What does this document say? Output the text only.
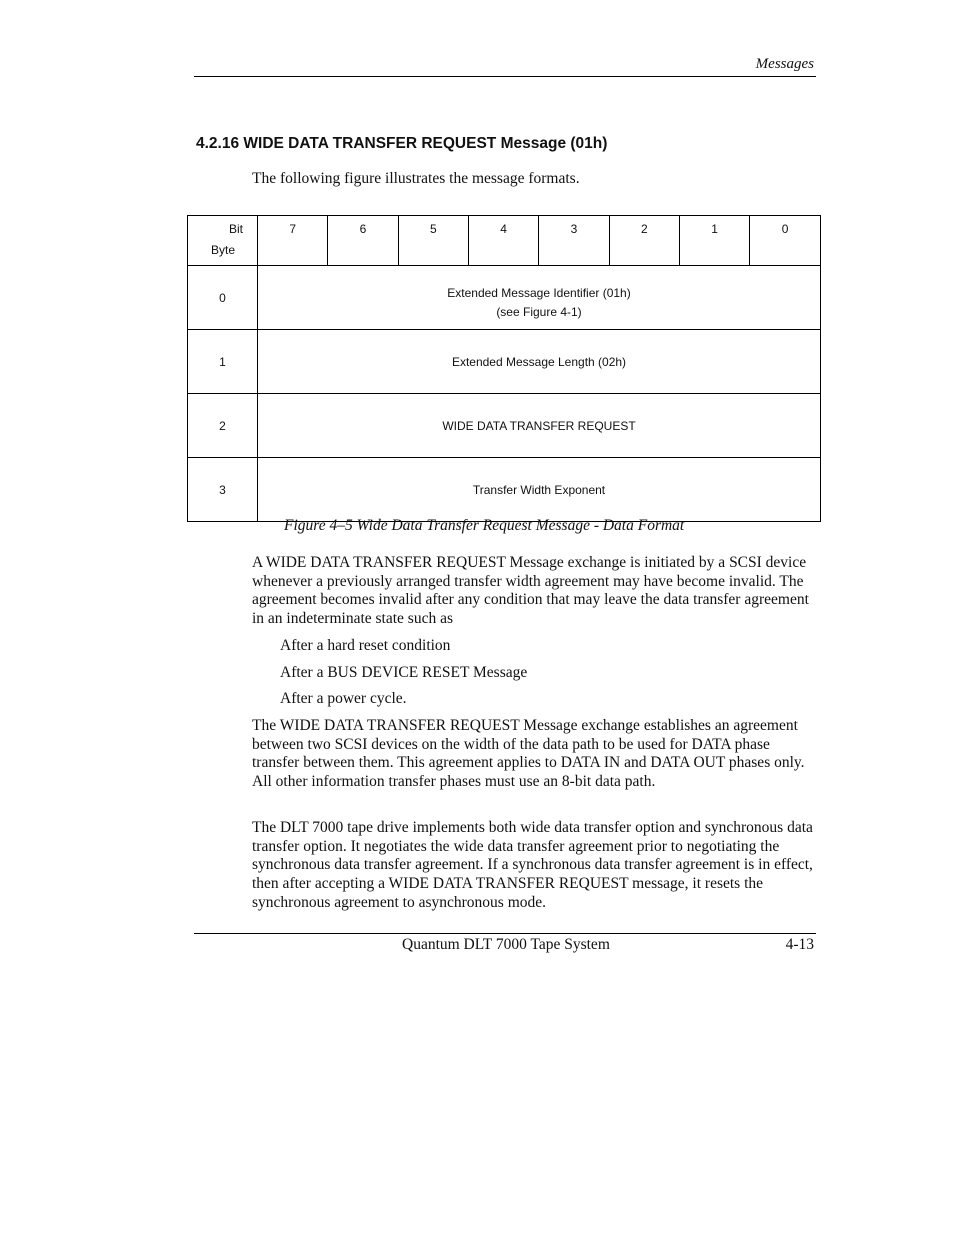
Messages
4.2.16 WIDE DATA TRANSFER REQUEST Message (01h)
The following figure illustrates the message formats.
Bit
Byte	7	6	5	4	3	2	1	0
0	Extended Message Identifier (01h)
(see Figure 4-1)							

1	Extended Message Length (02h)							
2	WIDE DATA TRANSFER REQUEST							
3	Transfer Width Exponent							
Figure 4–5 Wide Data Transfer Request Message - Data Format
A WIDE DATA TRANSFER REQUEST Message exchange is initiated by a SCSI device whenever a previously arranged transfer width agreement may have become invalid. The agreement becomes invalid after any condition that may leave the data transfer agreement in an indeterminate state such as
After a hard reset condition
After a BUS DEVICE RESET Message
After a power cycle.
The WIDE DATA TRANSFER REQUEST Message exchange establishes an agreement between two SCSI devices on the width of the data path to be used for DATA phase transfer between them. This agreement applies to DATA IN and DATA OUT phases only. All other information transfer phases must use an 8-bit data path.
The DLT 7000 tape drive implements both wide data transfer option and synchronous data transfer option. It negotiates the wide data transfer agreement prior to negotiating the synchronous data transfer agreement. If a synchronous data transfer agreement is in effect, then after accepting a WIDE DATA TRANSFER REQUEST message, it resets the synchronous agreement to asynchronous mode.
Quantum DLT 7000 Tape System	4-13
